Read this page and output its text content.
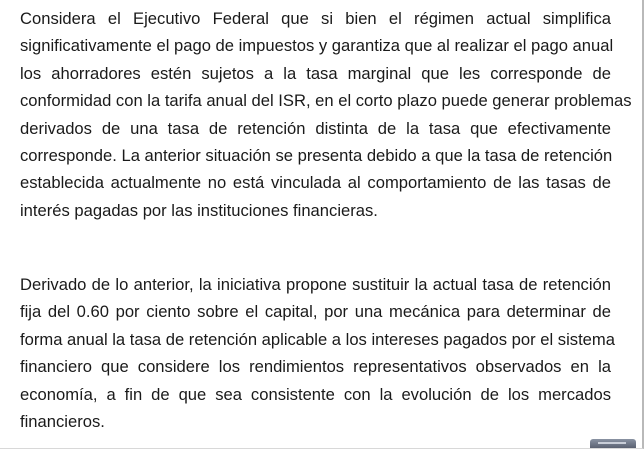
Considera el Ejecutivo Federal que si bien el régimen actual simplifica
significativamente el pago de impuestos y garantiza que al realizar el pago anual
los ahorradores estén sujetos a la tasa marginal que les corresponde de
conformidad con la tarifa anual del ISR, en el corto plazo puede generar problemas
derivados de una tasa de retención distinta de la tasa que efectivamente
corresponde. La anterior situación se presenta debido a que la tasa de retención
establecida actualmente no está vinculada al comportamiento de las tasas de
interés pagadas por las instituciones financieras.
Derivado de lo anterior, la iniciativa propone sustituir la actual tasa de retención
fija del 0.60 por ciento sobre el capital, por una mecánica para determinar de
forma anual la tasa de retención aplicable a los intereses pagados por el sistema
financiero que considere los rendimientos representativos observados en la
economía, a fin de que sea consistente con la evolución de los mercados
financieros.
